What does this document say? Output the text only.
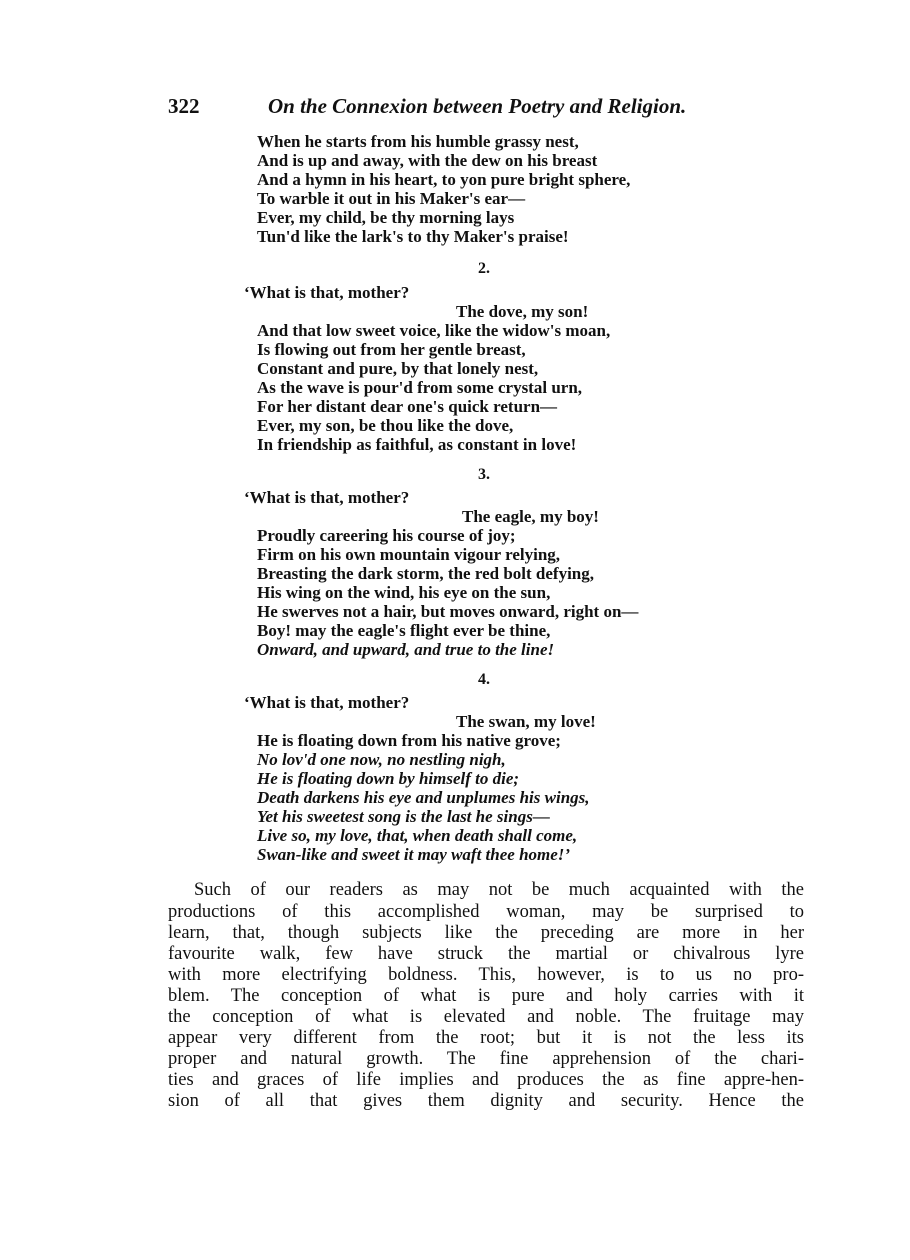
322	On the Connexion between Poetry and Religion.
When he starts from his humble grassy nest,
And is up and away, with the dew on his breast
And a hymn in his heart, to yon pure bright sphere,
To warble it out in his Maker's ear—
Ever, my child, be thy morning lays
Tun'd like the lark's to thy Maker's praise!
2.
‘What is that, mother?
The dove, my son!
And that low sweet voice, like the widow's moan,
Is flowing out from her gentle breast,
Constant and pure, by that lonely nest,
As the wave is pour'd from some crystal urn,
For her distant dear one's quick return—
Ever, my son, be thou like the dove,
In friendship as faithful, as constant in love!
3.
‘What is that, mother?
The eagle, my boy!
Proudly careering his course of joy;
Firm on his own mountain vigour relying,
Breasting the dark storm, the red bolt defying,
His wing on the wind, his eye on the sun,
He swerves not a hair, but moves onward, right on—
Boy! may the eagle's flight ever be thine,
Onward, and upward, and true to the line!
4.
‘What is that, mother?
The swan, my love!
He is floating down from his native grove;
No lov'd one now, no nestling nigh,
He is floating down by himself to die;
Death darkens his eye and unplumes his wings,
Yet his sweetest song is the last he sings—
Live so, my love, that, when death shall come,
Swan-like and sweet it may waft thee home!’
Such of our readers as may not be much acquainted with the
productions of this accomplished woman, may be surprised to
learn, that, though subjects like the preceding are more in her
favourite walk, few have struck the martial or chivalrous lyre
with more electrifying boldness. This, however, is to us no pro-
blem. The conception of what is pure and holy carries with it
the conception of what is elevated and noble. The fruitage may
appear very different from the root; but it is not the less its
proper and natural growth. The fine apprehension of the chari-
ties and graces of life implies and produces the as fine appre-hen-
sion of all that gives them dignity and security. Hence the
